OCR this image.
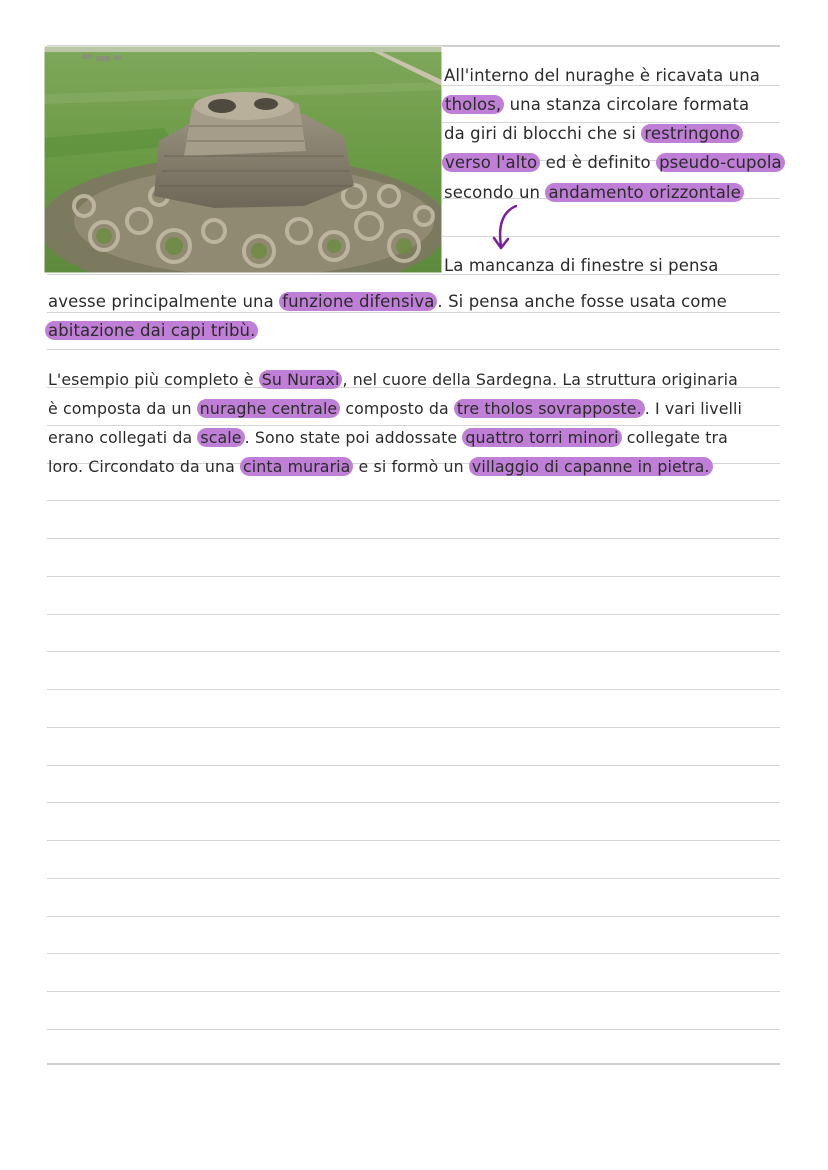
All'interno del nuraghe è ricavata una
tholos, una stanza circolare formata
da giri di blocchi che si restringono
verso l'alto ed è definito pseudo-cupola
secondo un andamento orizzontale
La mancanza di finestre si pensa
avesse principalmente una funzione difensiva . Si pensa anche fosse usata come
abitazione dai capi tribù.
L'esempio più completo è Su Nuraxi , nel cuore della Sardegna. La struttura originaria
è composta da un nuraghe centrale composto da tre tholos sovrapposte. . I vari livelli
erano collegati da scale . Sono state poi addossate quattro torri minori collegate tra
loro. Circondato da una cinta muraria e si formò un villaggio di capanne in pietra.
